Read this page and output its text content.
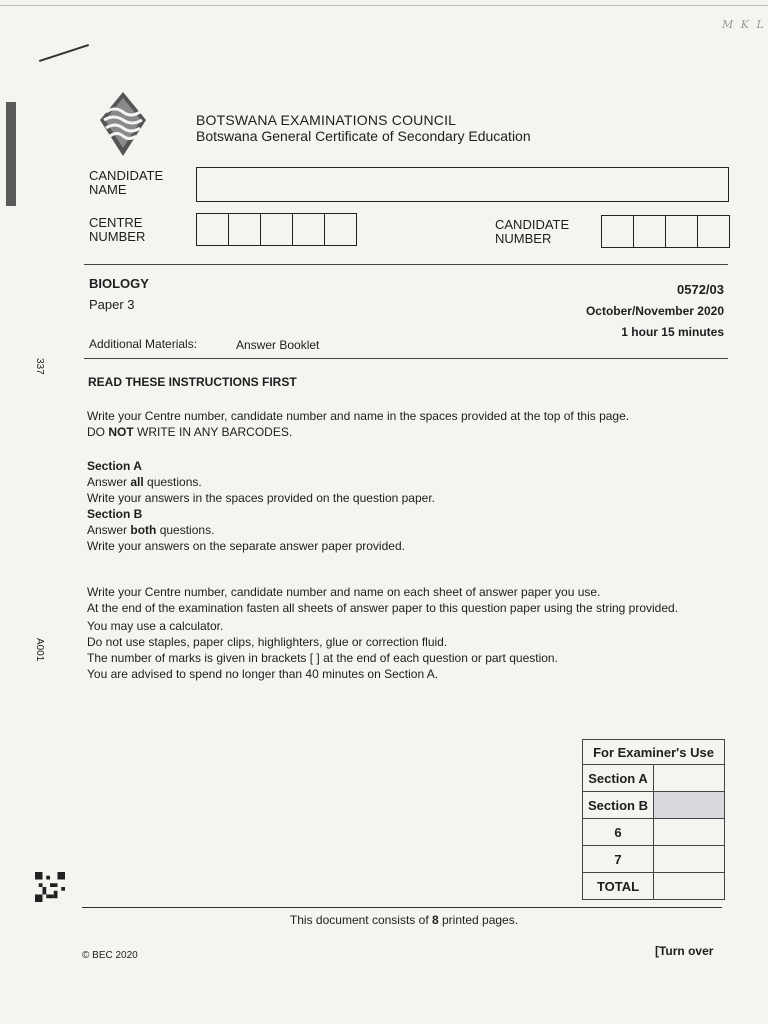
M K L
BOTSWANA EXAMINATIONS COUNCIL
Botswana General Certificate of Secondary Education
CANDIDATE
NAME
CENTRE
NUMBER
CANDIDATE
NUMBER
BIOLOGY	0572/03
Paper 3	October/November 2020
1 hour 15 minutes
Additional Materials:	Answer Booklet
337
A001
READ THESE INSTRUCTIONS FIRST
Write your Centre number, candidate number and name in the spaces provided at the top of this page.
DO NOT WRITE IN ANY BARCODES.
Section A
Answer all questions.
Write your answers in the spaces provided on the question paper.
Section B
Answer both questions.
Write your answers on the separate answer paper provided.
Write your Centre number, candidate number and name on each sheet of answer paper you use.
At the end of the examination fasten all sheets of answer paper to this question paper using the string provided.
You may use a calculator.
Do not use staples, paper clips, highlighters, glue or correction fluid.
The number of marks is given in brackets [ ] at the end of each question or part question.
You are advised to spend no longer than 40 minutes on Section A.
For Examiner's Use	
Section A	
Section B	
6	
7	
TOTAL	
This document consists of 8 printed pages.
© BEC 2020	[Turn over
